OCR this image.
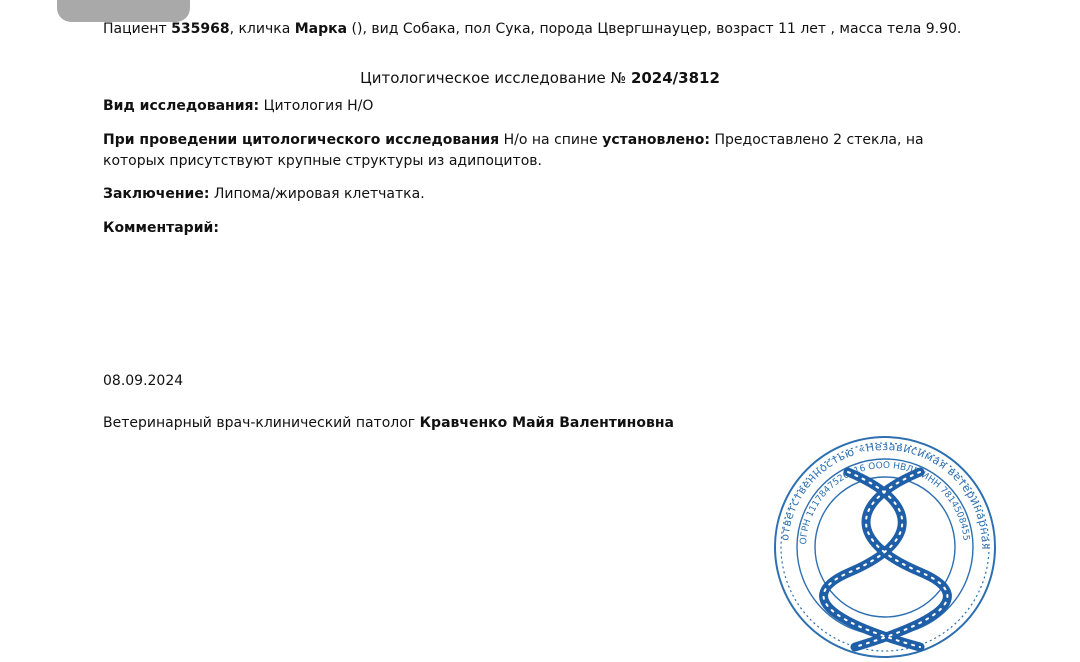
Пациент 535968, кличка Марка (), вид Собака, пол Сука, порода Цвергшнауцер, возраст 11 лет , масса тела 9.90.
Цитологическое исследование № 2024/3812
Вид исследования: Цитология Н/О
При проведении цитологического исследования Н/о на спине установлено: Предоставлено 2 стекла, на которых присутствуют крупные структуры из адипоцитов.
Заключение: Липома/жировая клетчатка.
Комментарий:
08.09.2024
Ветеринарный врач-клинический патолог Кравченко Майя Валентиновна
ответственностью «Независимая ветеринарная
ОГРН 1117847526816 ООО НВЛП ИНН 7814508455
